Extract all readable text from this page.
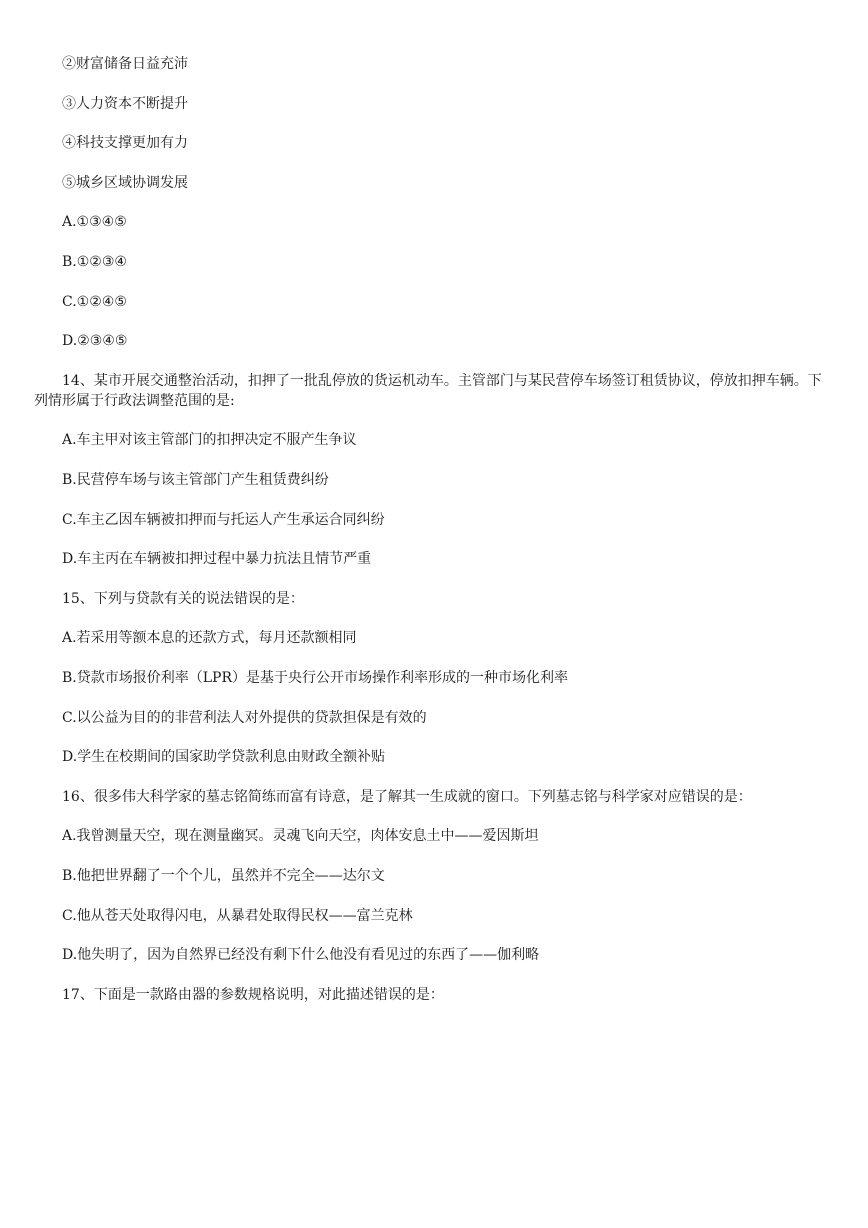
②财富储备日益充沛
③人力资本不断提升
④科技支撑更加有力
⑤城乡区域协调发展
A.①③④⑤
B.①②③④
C.①②④⑤
D.②③④⑤
14、某市开展交通整治活动，扣押了一批乱停放的货运机动车。主管部门与某民营停车场签订租赁协议，停放扣押车辆。下列情形属于行政法调整范围的是:
A.车主甲对该主管部门的扣押决定不服产生争议
B.民营停车场与该主管部门产生租赁费纠纷
C.车主乙因车辆被扣押而与托运人产生承运合同纠纷
D.车主丙在车辆被扣押过程中暴力抗法且情节严重
15、下列与贷款有关的说法错误的是：
A.若采用等额本息的还款方式，每月还款额相同
B.贷款市场报价利率（LPR）是基于央行公开市场操作利率形成的一种市场化利率
C.以公益为目的的非营利法人对外提供的贷款担保是有效的
D.学生在校期间的国家助学贷款利息由财政全额补贴
16、很多伟大科学家的墓志铭简练而富有诗意，是了解其一生成就的窗口。下列墓志铭与科学家对应错误的是：
A.我曾测量天空，现在测量幽冥。灵魂飞向天空，肉体安息土中——爱因斯坦
B.他把世界翻了一个个儿，虽然并不完全——达尔文
C.他从苍天处取得闪电，从暴君处取得民权——富兰克林
D.他失明了，因为自然界已经没有剩下什么他没有看见过的东西了——伽利略
17、下面是一款路由器的参数规格说明，对此描述错误的是：
